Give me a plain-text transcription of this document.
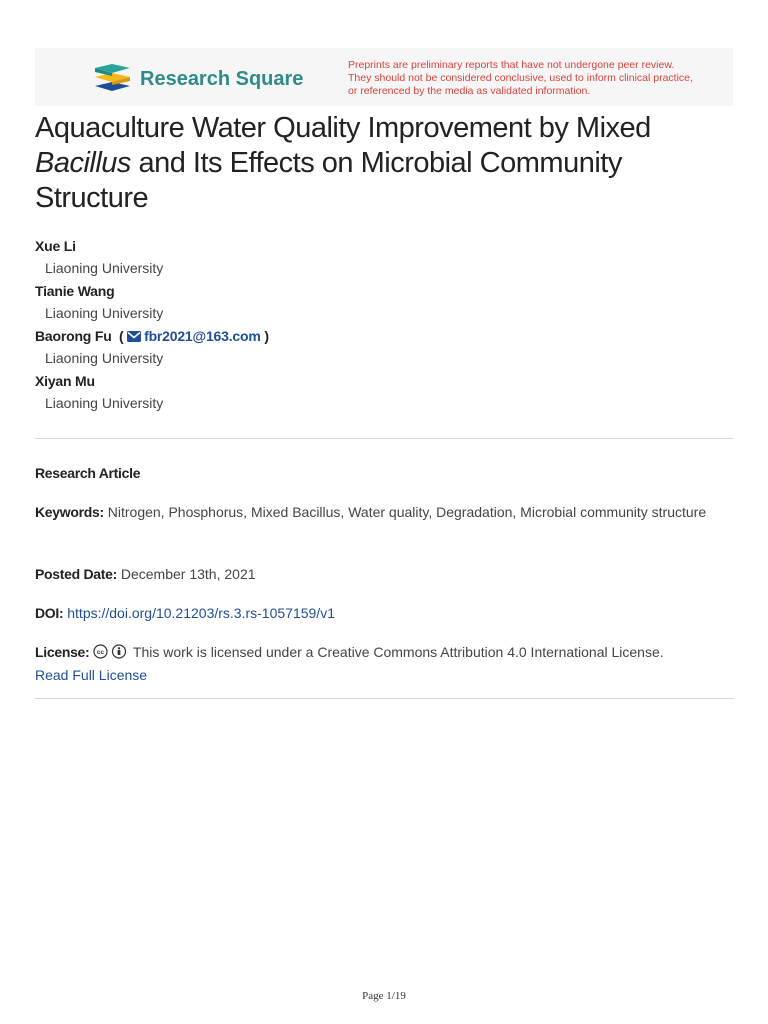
Research Square
Preprints are preliminary reports that have not undergone peer review.
They should not be considered conclusive, used to inform clinical practice,
or referenced by the media as validated information.
Aquaculture Water Quality Improvement by Mixed
Bacillus and Its Effects on Microbial Community
Structure
Xue Li
Liaoning University
Tianie Wang
Liaoning University
Baorong Fu  ( fbr2021@163.com )
Liaoning University
Xiyan Mu
Liaoning University
Research Article
Keywords: Nitrogen, Phosphorus, Mixed Bacillus, Water quality, Degradation, Microbial community structure
Posted Date: December 13th, 2021
DOI: https://doi.org/10.21203/rs.3.rs-1057159/v1
License: cc This work is licensed under a Creative Commons Attribution 4.0 International License.
Read Full License
Page 1/19
